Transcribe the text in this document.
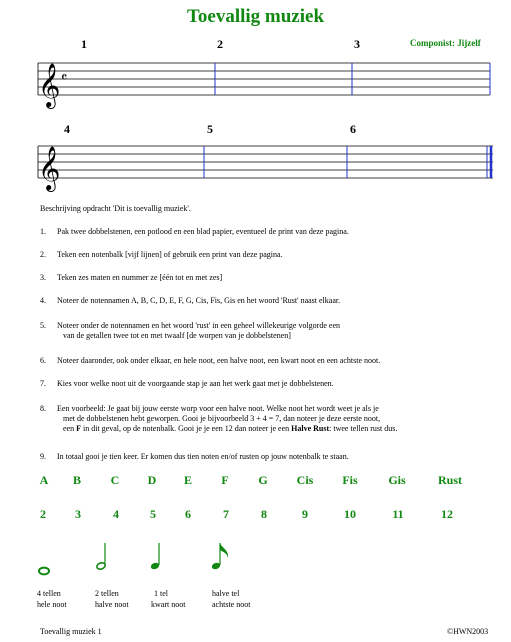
Toevallig muziek
Componist: Jijzelf
1	2	3
𝄞 𝄴
𝄞
4	5	6
Beschrijving opdracht 'Dit is toevallig muziek'.
1. Pak twee dobbelstenen, een potlood en een blad papier, eventueel de print van deze pagina.
2. Teken een notenbalk [vijf lijnen] of gebruik een print van deze pagina.
3. Teken zes maten en nummer ze [één tot en met zes]
4. Noteer de notennamen A, B, C, D, E, F, G, Cis, Fis, Gis en het woord 'Rust' naast elkaar.
5. Noteer onder de notennamen en het woord 'rust' in een geheel willekeurige volgorde een
van de getallen twee tot en met twaalf [de worpen van je dobbelstenen]
6. Noteer daaronder, ook onder elkaar, en hele noot, een halve noot, een kwart noot en een achtste noot.
7. Kies voor welke noot uit de voorgaande stap je aan het werk gaat met je dobbelstenen.
8. Een voorbeeld: Je gaat bij jouw eerste worp voor een halve noot. Welke noot het wordt weet je als je
met de dobbelstenen hebt geworpen. Gooi je bijvoorbeeld 3 + 4 = 7, dan noteer je deze eerste noot,
een F in dit geval, op de notenbalk. Gooi je je een 12 dan noteer je een Halve Rust: twee tellen rust dus.
9. In totaal gooi je tien keer. Er komen dus tien noten en/of rusten op jouw notenbalk te staan.
A	B	C	D	E	F	G	Cis	Fis	Gis	Rust
2	3	4	5	6	7	8	9	10	11	12
4 tellen
hele noot
2 tellen
halve noot
1 tel
kwart noot
halve tel
achtste noot
Toevallig muziek 1	©HWN2003
